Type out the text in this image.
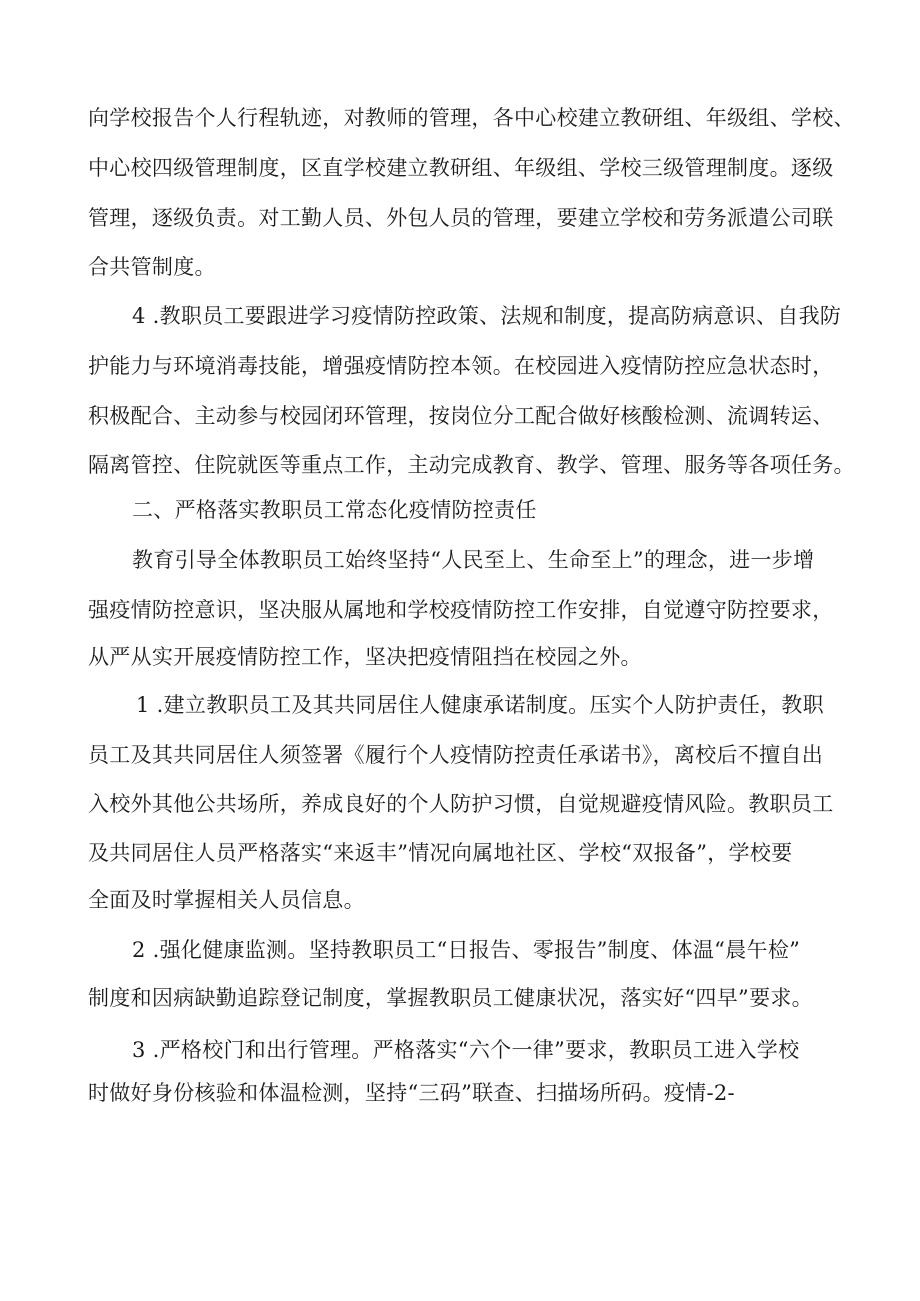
向学校报告个人行程轨迹，对教师的管理，各中心校建立教研组、年级组、学校、
中心校四级管理制度，区直学校建立教研组、年级组、学校三级管理制度。逐级
管理，逐级负责。对工勤人员、外包人员的管理，要建立学校和劳务派遣公司联
合共管制度。
4 .教职员工要跟进学习疫情防控政策、法规和制度，提高防病意识、自我防
护能力与环境消毒技能，增强疫情防控本领。在校园进入疫情防控应急状态时，
积极配合、主动参与校园闭环管理，按岗位分工配合做好核酸检测、流调转运、
隔离管控、住院就医等重点工作，主动完成教育、教学、管理、服务等各项任务。
二、严格落实教职员工常态化疫情防控责任
教育引导全体教职员工始终坚持“人民至上、生命至上”的理念，进一步增
强疫情防控意识，坚决服从属地和学校疫情防控工作安排，自觉遵守防控要求，
从严从实开展疫情防控工作，坚决把疫情阻挡在校园之外。
1 .建立教职员工及其共同居住人健康承诺制度。压实个人防护责任，教职
员工及其共同居住人须签署《履行个人疫情防控责任承诺书》，离校后不擅自出
入校外其他公共场所，养成良好的个人防护习惯，自觉规避疫情风险。教职员工
及共同居住人员严格落实“来返丰”情况向属地社区、学校“双报备”，学校要
全面及时掌握相关人员信息。
2 .强化健康监测。坚持教职员工“日报告、零报告”制度、体温“晨午检”
制度和因病缺勤追踪登记制度，掌握教职员工健康状况，落实好“四早”要求。
3 .严格校门和出行管理。严格落实“六个一律”要求，教职员工进入学校
时做好身份核验和体温检测，坚持“三码”联查、扫描场所码。疫情-2-
